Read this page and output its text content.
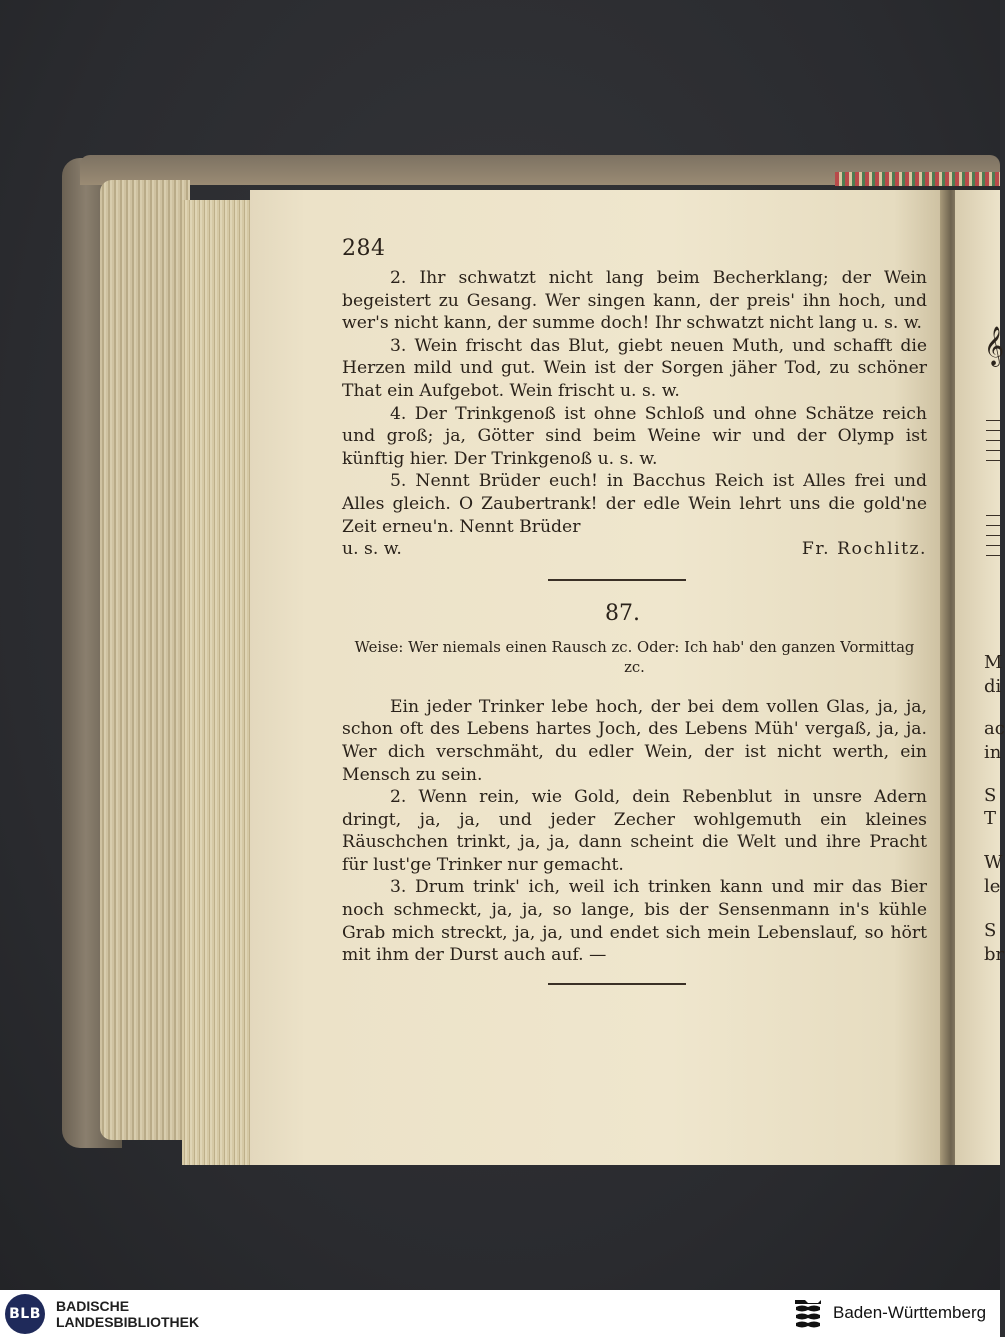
𝄞
M
di
ac
in
S
T
W
le
S
br
284

2. Ihr schwatzt nicht lang beim Becherklang; der Wein begeistert zu Gesang. Wer singen kann, der preis' ihn hoch, und wer's nicht kann, der summe doch! Ihr schwatzt nicht lang u. s. w.

3. Wein frischt das Blut, giebt neuen Muth, und schafft die Herzen mild und gut. Wein ist der Sorgen jäher Tod, zu schöner That ein Aufgebot. Wein frischt u. s. w.

4. Der Trinkgenoß ist ohne Schloß und ohne Schätze reich und groß; ja, Götter sind beim Weine wir und der Olymp ist künftig hier. Der Trinkgenoß u. s. w.

5. Nennt Brüder euch! in Bacchus Reich ist Alles frei und Alles gleich. O Zaubertrank! der edle Wein lehrt uns die gold'ne Zeit erneu'n. Nennt Brüder

u. s. w.	Fr. Rochlitz.
87.

Weise: Wer niemals einen Rausch zc. Oder: Ich hab' den ganzen Vormittag zc.

Ein jeder Trinker lebe hoch, der bei dem vollen Glas, ja, ja, schon oft des Lebens hartes Joch, des Lebens Müh' vergaß, ja, ja. Wer dich verschmäht, du edler Wein, der ist nicht werth, ein Mensch zu sein.

2. Wenn rein, wie Gold, dein Rebenblut in unsre Adern dringt, ja, ja, und jeder Zecher wohlgemuth ein kleines Räuschchen trinkt, ja, ja, dann scheint die Welt und ihre Pracht für lust'ge Trinker nur gemacht.

3. Drum trink' ich, weil ich trinken kann und mir das Bier noch schmeckt, ja, ja, so lange, bis der Sensenmann in's kühle Grab mich streckt, ja, ja, und endet sich mein Lebenslauf, so hört mit ihm der Durst auch auf. —

BLB BADISCHE
LANDESBIBLIOTHEK	Baden-Württemberg
